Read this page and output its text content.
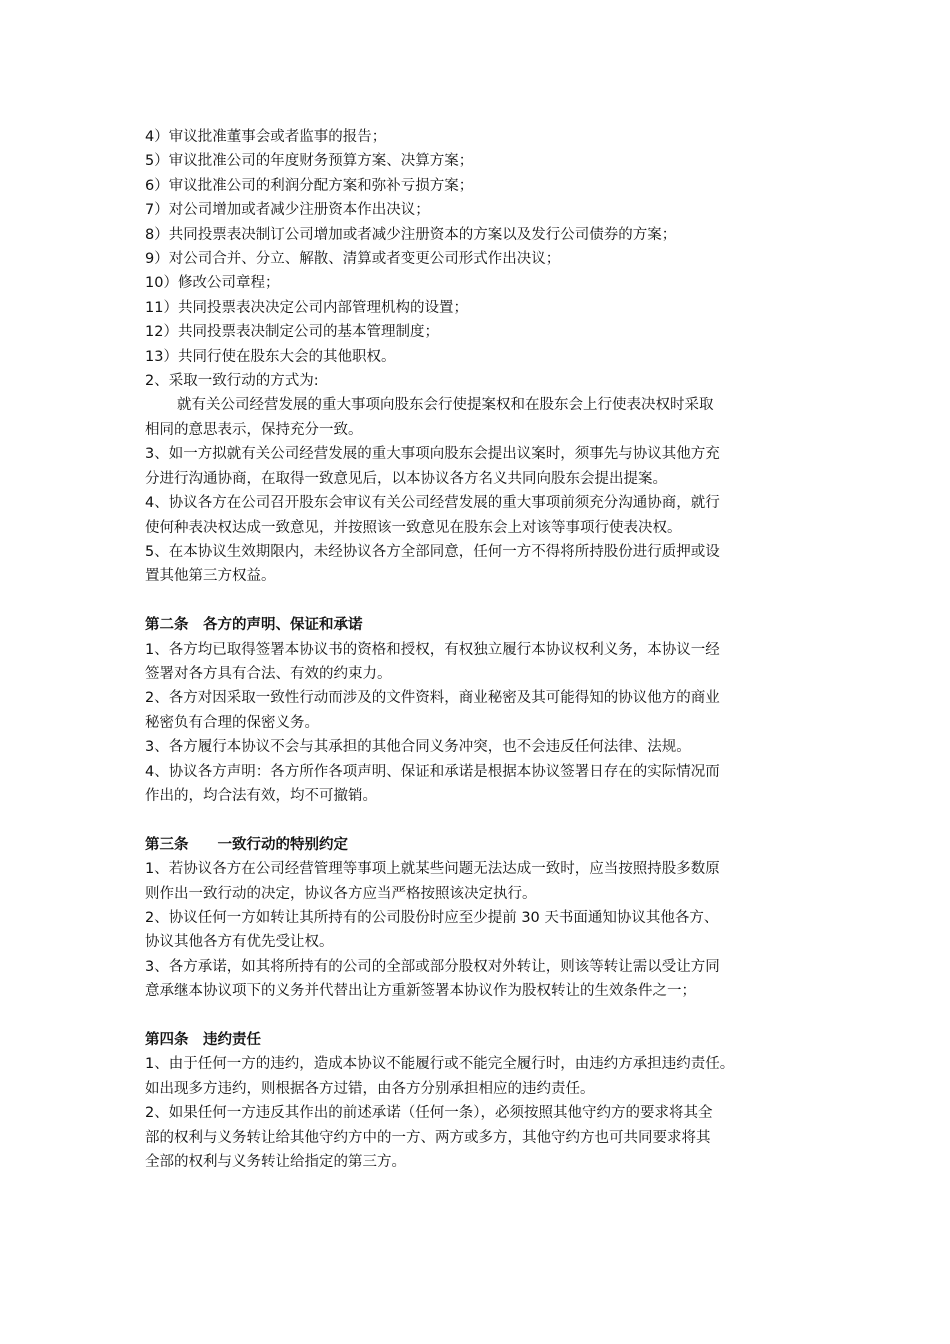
4）审议批准董事会或者监事的报告；

5）审议批准公司的年度财务预算方案、决算方案；

6）审议批准公司的利润分配方案和弥补亏损方案；

7）对公司增加或者减少注册资本作出决议；

8）共同投票表决制订公司增加或者减少注册资本的方案以及发行公司债券的方案；

9）对公司合并、分立、解散、清算或者变更公司形式作出决议；

10）修改公司章程；

11）共同投票表决决定公司内部管理机构的设置；

12）共同投票表决制定公司的基本管理制度；

13）共同行使在股东大会的其他职权。

2、采取一致行动的方式为:

就有关公司经营发展的重大事项向股东会行使提案权和在股东会上行使表决权时采取

相同的意思表示，保持充分一致。

3、如一方拟就有关公司经营发展的重大事项向股东会提出议案时，须事先与协议其他方充

分进行沟通协商，在取得一致意见后，以本协议各方名义共同向股东会提出提案。

4、协议各方在公司召开股东会审议有关公司经营发展的重大事项前须充分沟通协商，就行

使何种表决权达成一致意见，并按照该一致意见在股东会上对该等事项行使表决权。

5、在本协议生效期限内，未经协议各方全部同意，任何一方不得将所持股份进行质押或设

置其他第三方权益。

第二条　各方的声明、保证和承诺

1、各方均已取得签署本协议书的资格和授权，有权独立履行本协议权利义务，本协议一经

签署对各方具有合法、有效的约束力。

2、各方对因采取一致性行动而涉及的文件资料，商业秘密及其可能得知的协议他方的商业

秘密负有合理的保密义务。

3、各方履行本协议不会与其承担的其他合同义务冲突，也不会违反任何法律、法规。

4、协议各方声明：各方所作各项声明、保证和承诺是根据本协议签署日存在的实际情况而

作出的，均合法有效，均不可撤销。

第三条　　一致行动的特别约定

1、若协议各方在公司经营管理等事项上就某些问题无法达成一致时，应当按照持股多数原

则作出一致行动的决定，协议各方应当严格按照该决定执行。

2、协议任何一方如转让其所持有的公司股份时应至少提前 30 天书面通知协议其他各方、

协议其他各方有优先受让权。

3、各方承诺，如其将所持有的公司的全部或部分股权对外转让，则该等转让需以受让方同

意承继本协议项下的义务并代替出让方重新签署本协议作为股权转让的生效条件之一；

第四条　违约责任

1、由于任何一方的违约，造成本协议不能履行或不能完全履行时，由违约方承担违约责任。

如出现多方违约，则根据各方过错，由各方分别承担相应的违约责任。

2、如果任何一方违反其作出的前述承诺（任何一条），必须按照其他守约方的要求将其全

部的权利与义务转让给其他守约方中的一方、两方或多方，其他守约方也可共同要求将其

全部的权利与义务转让给指定的第三方。
